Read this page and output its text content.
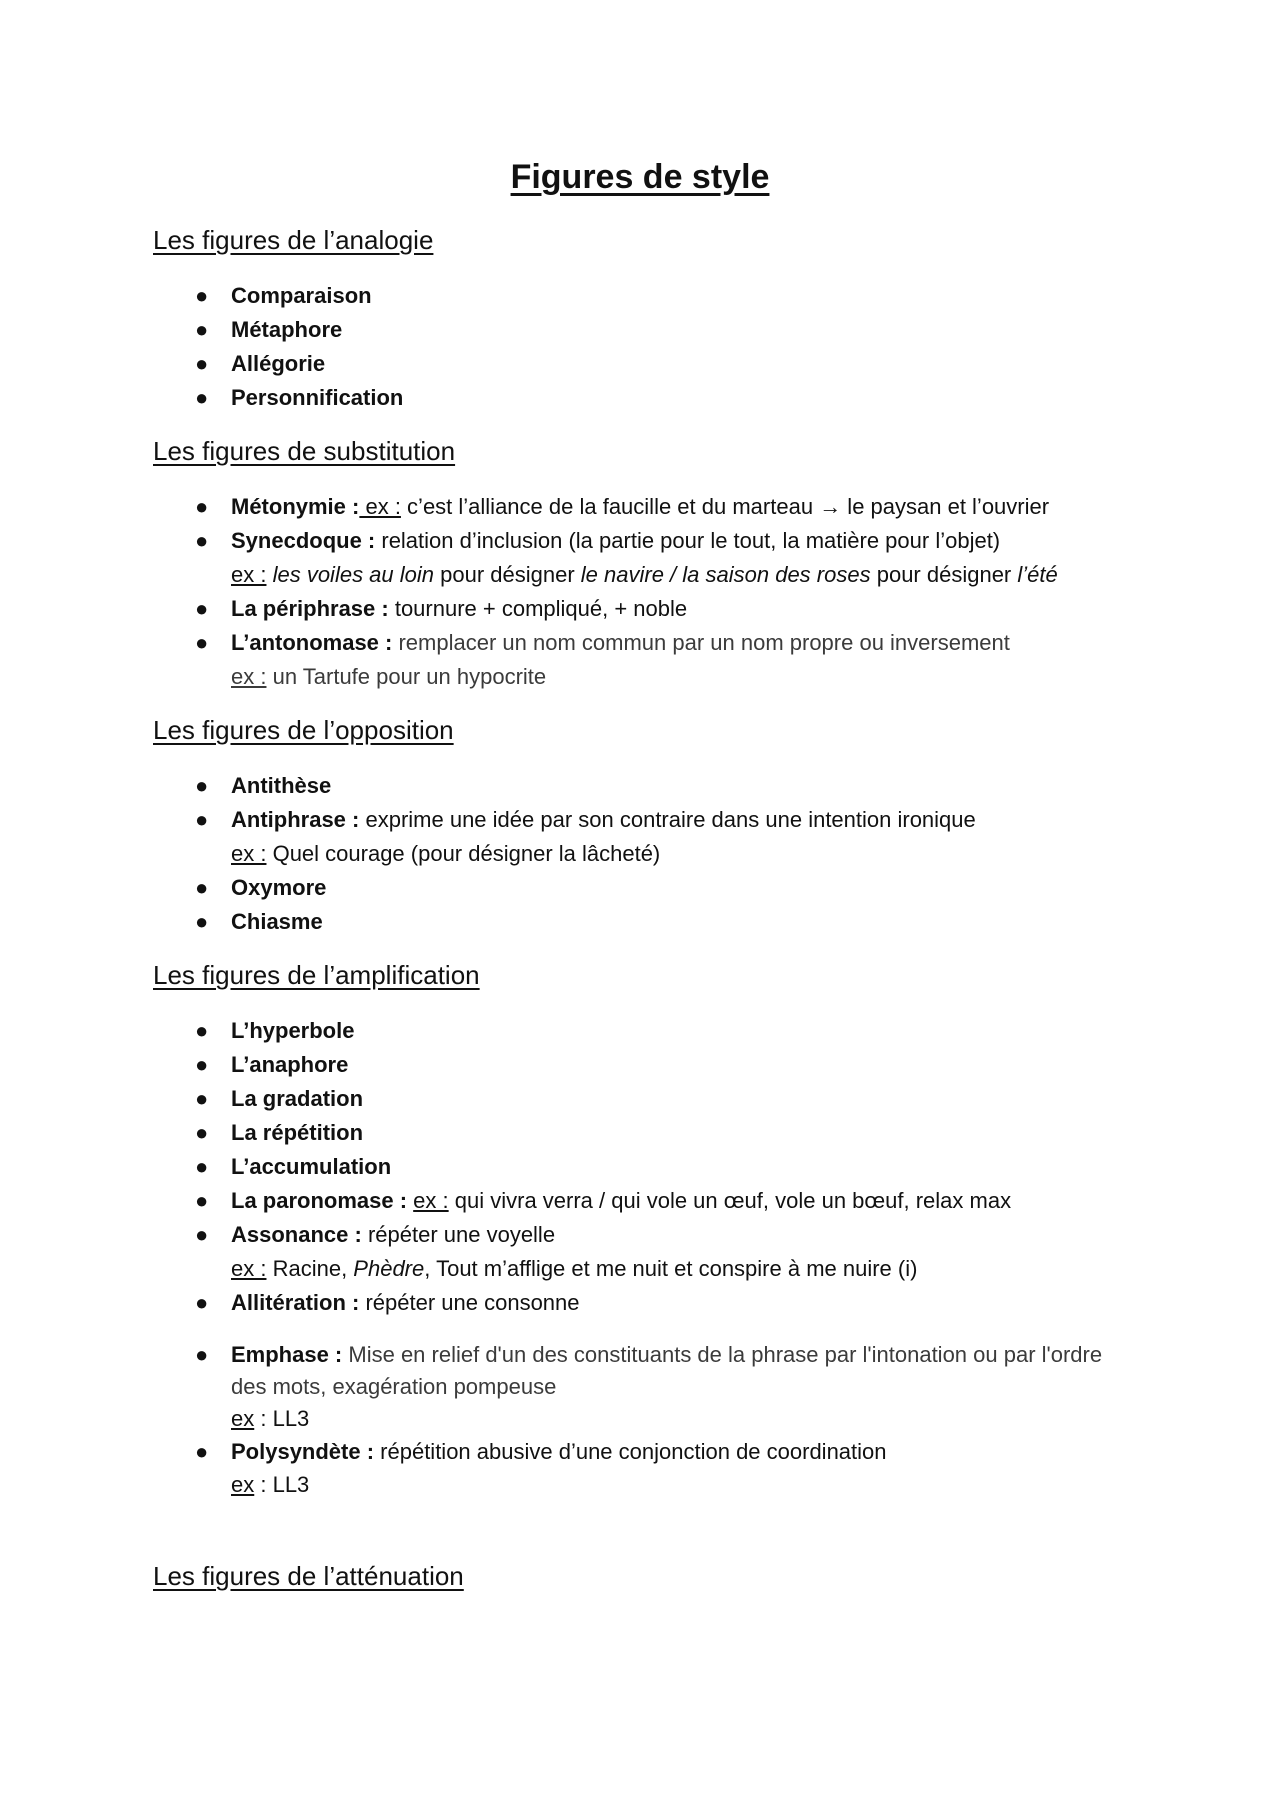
Figures de style
Les figures de l’analogie
● Comparaison
● Métaphore
● Allégorie
● Personnification
Les figures de substitution
● Métonymie : ex : c’est l’alliance de la faucille et du marteau → le paysan et l’ouvrier
● Synecdoque : relation d’inclusion (la partie pour le tout, la matière pour l’objet)
ex : les voiles au loin pour désigner le navire / la saison des roses pour désigner l’été
● La périphrase : tournure + compliqué, + noble
● L’antonomase : remplacer un nom commun par un nom propre ou inversement
ex : un Tartufe pour un hypocrite
Les figures de l’opposition
● Antithèse
● Antiphrase : exprime une idée par son contraire dans une intention ironique
ex : Quel courage (pour désigner la lâcheté)
● Oxymore
● Chiasme
Les figures de l’amplification
● L’hyperbole
● L’anaphore
● La gradation
● La répétition
● L’accumulation
● La paronomase : ex : qui vivra verra / qui vole un œuf, vole un bœuf, relax max
● Assonance : répéter une voyelle
ex : Racine, Phèdre, Tout m’afflige et me nuit et conspire à me nuire (i)
● Allitération : répéter une consonne
● Emphase : Mise en relief d'un des constituants de la phrase par l'intonation ou par l'ordre des mots, exagération pompeuse
ex : LL3
● Polysyndète : répétition abusive d’une conjonction de coordination
ex : LL3
Les figures de l’atténuation
